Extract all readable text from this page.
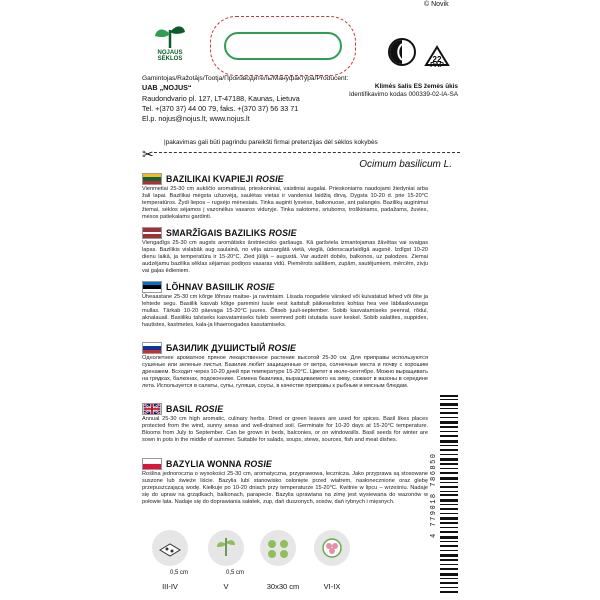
© Novik
NOJAUS SĖKLOS	22
PAP
Gamintojas/Ražotājs/Tootja/Производитель/Maнуфактурa/Producent:
UAB „NOJUS“
Raudondvario pl. 127, LT-47188, Kaunas, Lietuva
Tel. +(370 37) 44 00 79, faks. +(370 37) 56 33 71
El.p. nojus@nojus.lt, www.nojus.lt
Klimės šalis ES žemės ūkis
Identifikavimo kodas 000339-02-IA-SA
|pakavimas gali būti pagrindu pareikšti firmai pretenzijas dėl sėklos kokybės
✂
Ocimum basilicum L.
BAZILIKAI KVAPIEJI ROSIE
Vienmetiai 25-30 cm aukščio aromatiniai, prieskoniniai, vaistiniai augalai. Prieskoniams naudojami žiedyniai arba žali lapai. Bazilikai mėgsta užuovėją, saulėtas vietas ir vandeniui laidžią dirvą. Dygsta 10-20 d. prie 15-20°C temperatūros. Žydi liepos – rugsėjo mėnesiais. Tinka auginti lysvėse, balkonuose, ant palangės. Bazilikų auginimui žiemai, sėklos sėjamos į vazonėlius vasaros viduryje. Tinka salotoms, sriuboms, troškiniams, padažams, žuvies, mėsos patiekalams gardinti.
SMARŽĪGAIS BAZILIKS ROSIE
Viengadīgs 25-30 cm augsts aromātisks ārstniecisks garšaugs. Kā garšviela izmantojamas žāvētas vai svaigas lapas. Bazilikis vislabāk aug saulainā, no vēja aizsargātā vietā, vieglā, ūdenscaurlaidīgā augsnē. Izdīgst 10-20 dienu laikā, ja temperatūra ir 15-20°C. Zied jūlijā – augustā. Var audzēt dobēs, balkonos, uz palodzes. Ziemai audzējamu bazilika sēklas sējamas podiņos vasaras vidū. Piemērots salātiem, zupām, sautējumiem, mērcēm, zivju vai gaļas ēdieniem.
LÕHNAV BASIILIK ROSIE
Üheaastane 25-30 cm kõrge lõhnav maitse- ja ravimtaim. Lisada roogadele värsked või kuivatatud lehed või õite ja lehtede segu. Basiilik kasvab kõige paremini tuule eest kaitstult päikeselistes kohtas hea vee läbilaskvusega mullas. Tärkab 10-20 päevaga 15-20°C juures. Õitseb juuli-september. Sobib kasvatamiseks peenral, rõdul, aknalauail. Basiiliku talviseks kasvatamiseks tuleb seemned potti istutada suve keskel. Sobib salatites, suppides, hautistes, kastmetes, kala-ja lihaeroogades kasutamiseks.
БАЗИЛИК ДУШИСТЫЙ ROSIE
Однолетнее ароматное пряное лекарственное растение высотой 25-30 см. Для приправы используются сушеные или зеленые листья. Базилик любит защищенные от ветра, солнечные места и почву с хорошим дренажем. Всходит через 10-20 дней при температуре 15-20°C. Цветет в июле-сентябре. Можно выращивать на грядках, балконах, подоконнике. Семена базилика, выращиваемого на зиму, сажают в вазоны в середине лета. Используется в салаты, супы, гуляши, соусы, в качестве приправы к рыбным и мясным блюдам.
BASIL ROSIE
Annual 25-30 cm high aromatic, culinary herbs. Dried or green leaves are used for spices. Basil likes places protected from the wind, sunny areas and well-drained soil. Germinate for 10-20 days at 15-20°C temperature. Blooms from July to September. Can be grown in beds, balconies, or on windowsills. Basil seeds for winter are sown in pots in the middle of summer. Suitable for salads, soups, stews, sources, fish and meat dishes.
BAZYLIA WONNA ROSIE
Roślina jednoroczna o wysokości 25-30 cm, aromatyczna, przyprawowa, lecznicza. Jako przyprawa są stosowane suszone lub świeże liście. Bazylia lubi stanowisko osłonięte przed wiatrem, nasłonecznione oraz glebę przepuszczającą wodę. Kiełkuje po 10-20 dniach przy temperaturze 15-20°C. Kwitnie w lipcu – wrześniu. Nadaje się do upraw na grządkach, balkonach, parapecie. Bazylia uprawiana na zimę jest wysiewana do wazonów w połowie lata. Nadaje się do doprawiania sałatek, zup, dań duszonych, sosów, dań rybnych i mięsnych.	4 779018 786850
0,5 cm
III-IV
0,5 cm
V	30x30 cm	VI-IX
